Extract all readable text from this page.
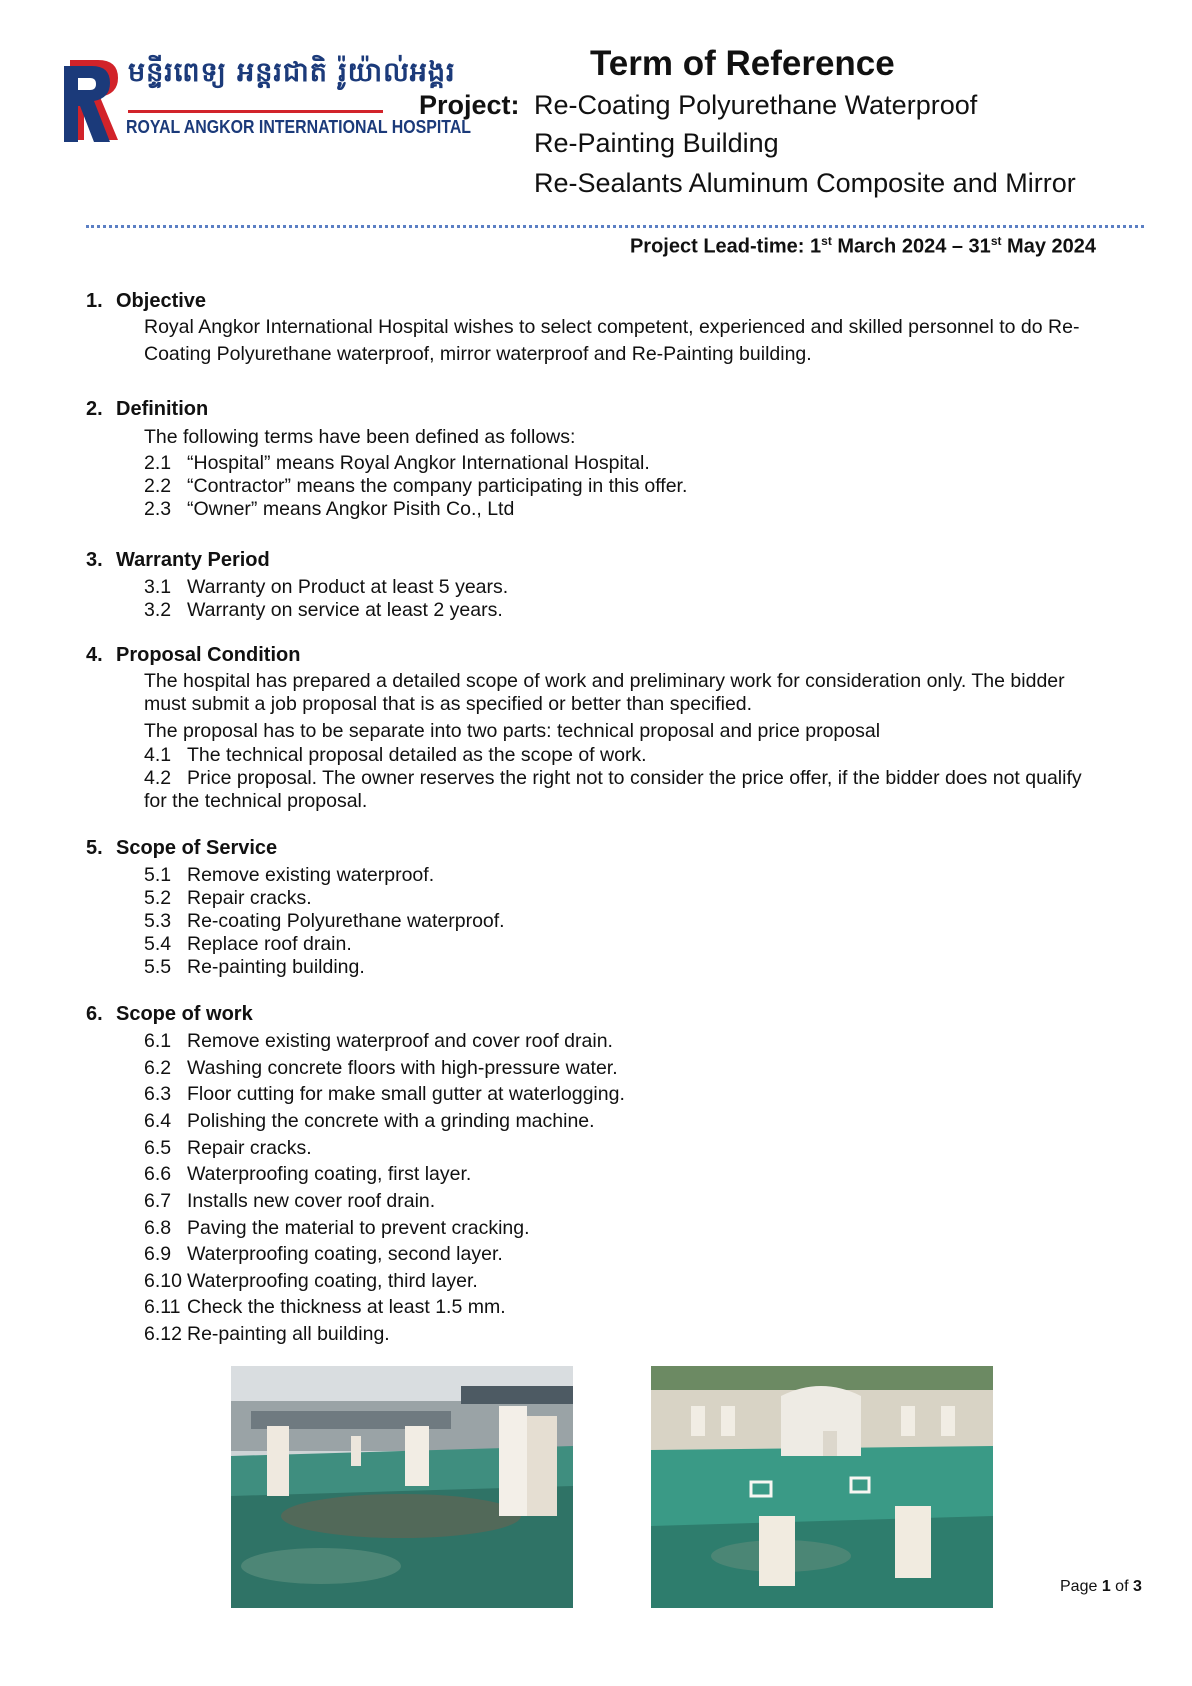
មន្ទីរពេទ្យ អន្តរជាតិ រ៉ូយ៉ាល់អង្គរ
ROYAL ANGKOR INTERNATIONAL HOSPITAL
Term of Reference
Project: Re-Coating Polyurethane Waterproof
Re-Painting Building
Re-Sealants Aluminum Composite and Mirror
Project Lead-time: 1st March 2024 – 31st May 2024
1. Objective
Royal Angkor International Hospital wishes to select competent, experienced and skilled personnel to do Re-Coating Polyurethane waterproof, mirror waterproof and Re-Painting building.
2. Definition
The following terms have been defined as follows:
2.1 “Hospital” means Royal Angkor International Hospital.
2.2 “Contractor” means the company participating in this offer.
2.3 “Owner” means Angkor Pisith Co., Ltd
3. Warranty Period
3.1 Warranty on Product at least 5 years.
3.2 Warranty on service at least 2 years.
4. Proposal Condition
The hospital has prepared a detailed scope of work and preliminary work for consideration only. The bidder must submit a job proposal that is as specified or better than specified.
The proposal has to be separate into two parts: technical proposal and price proposal
4.1 The technical proposal detailed as the scope of work.
4.2 Price proposal. The owner reserves the right not to consider the price offer, if the bidder does not qualify for the technical proposal.
5. Scope of Service
5.1 Remove existing waterproof.
5.2 Repair cracks.
5.3 Re-coating Polyurethane waterproof.
5.4 Replace roof drain.
5.5 Re-painting building.
6. Scope of work
6.1 Remove existing waterproof and cover roof drain.
6.2 Washing concrete floors with high-pressure water.
6.3 Floor cutting for make small gutter at waterlogging.
6.4 Polishing the concrete with a grinding machine.
6.5 Repair cracks.
6.6 Waterproofing coating, first layer.
6.7 Installs new cover roof drain.
6.8 Paving the material to prevent cracking.
6.9 Waterproofing coating, second layer.
6.10 Waterproofing coating, third layer.
6.11 Check the thickness at least 1.5 mm.
6.12 Re-painting all building.
Page 1 of 3
